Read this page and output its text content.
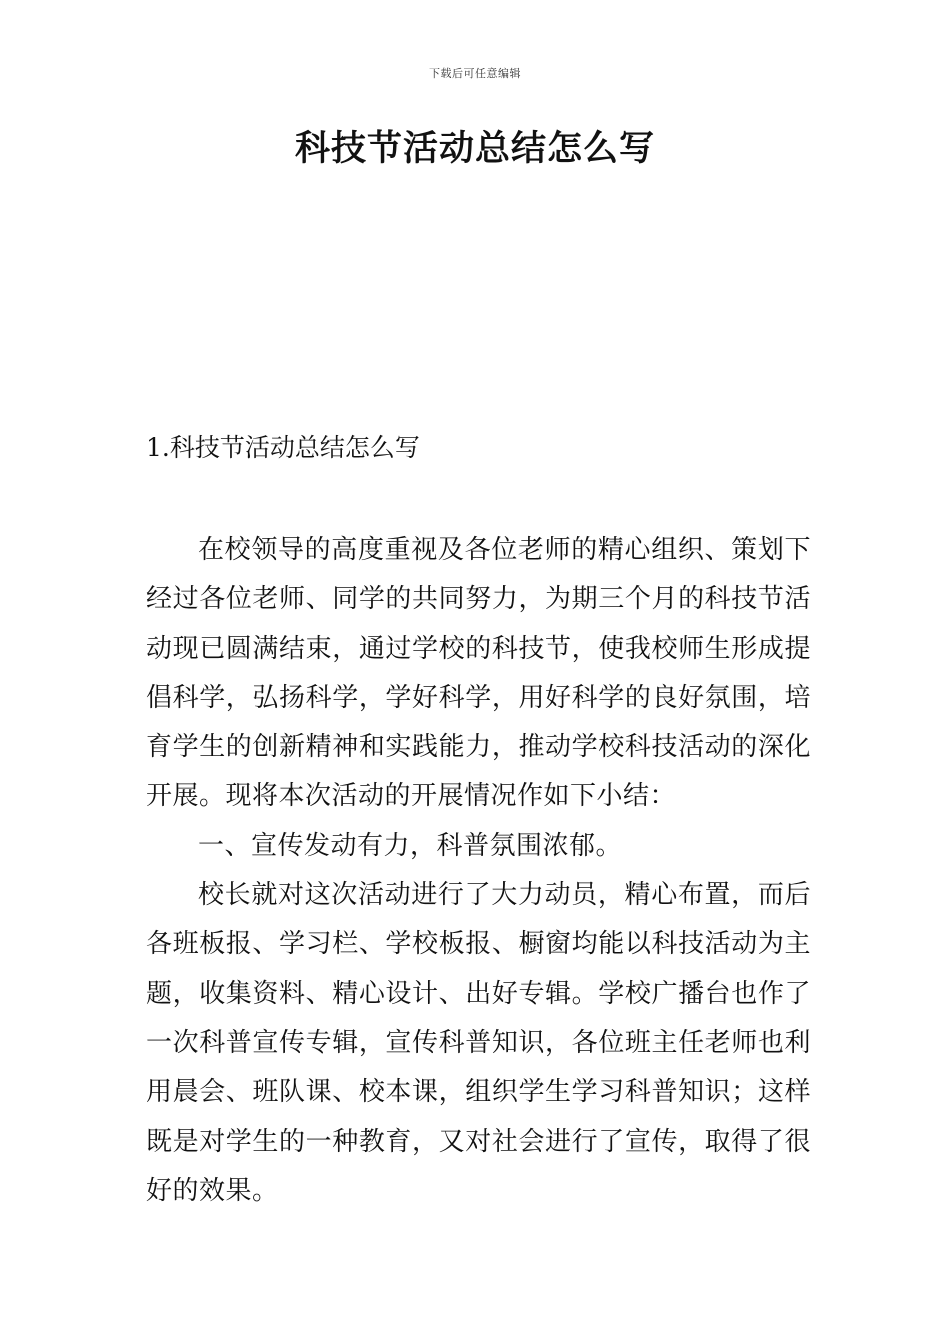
下载后可任意编辑
科技节活动总结怎么写
1.科技节活动总结怎么写

在校领导的高度重视及各位老师的精心组织、策划下经过各位老师、同学的共同努力，为期三个月的科技节活动现已圆满结束，通过学校的科技节，使我校师生形成提倡科学，弘扬科学，学好科学，用好科学的良好氛围，培育学生的创新精神和实践能力，推动学校科技活动的深化开展。现将本次活动的开展情况作如下小结：

一、宣传发动有力，科普氛围浓郁。

校长就对这次活动进行了大力动员，精心布置，而后各班板报、学习栏、学校板报、橱窗均能以科技活动为主题，收集资料、精心设计、出好专辑。学校广播台也作了一次科普宣传专辑，宣传科普知识，各位班主任老师也利用晨会、班队课、校本课，组织学生学习科普知识；这样既是对学生的一种教育，又对社会进行了宣传，取得了很好的效果。
